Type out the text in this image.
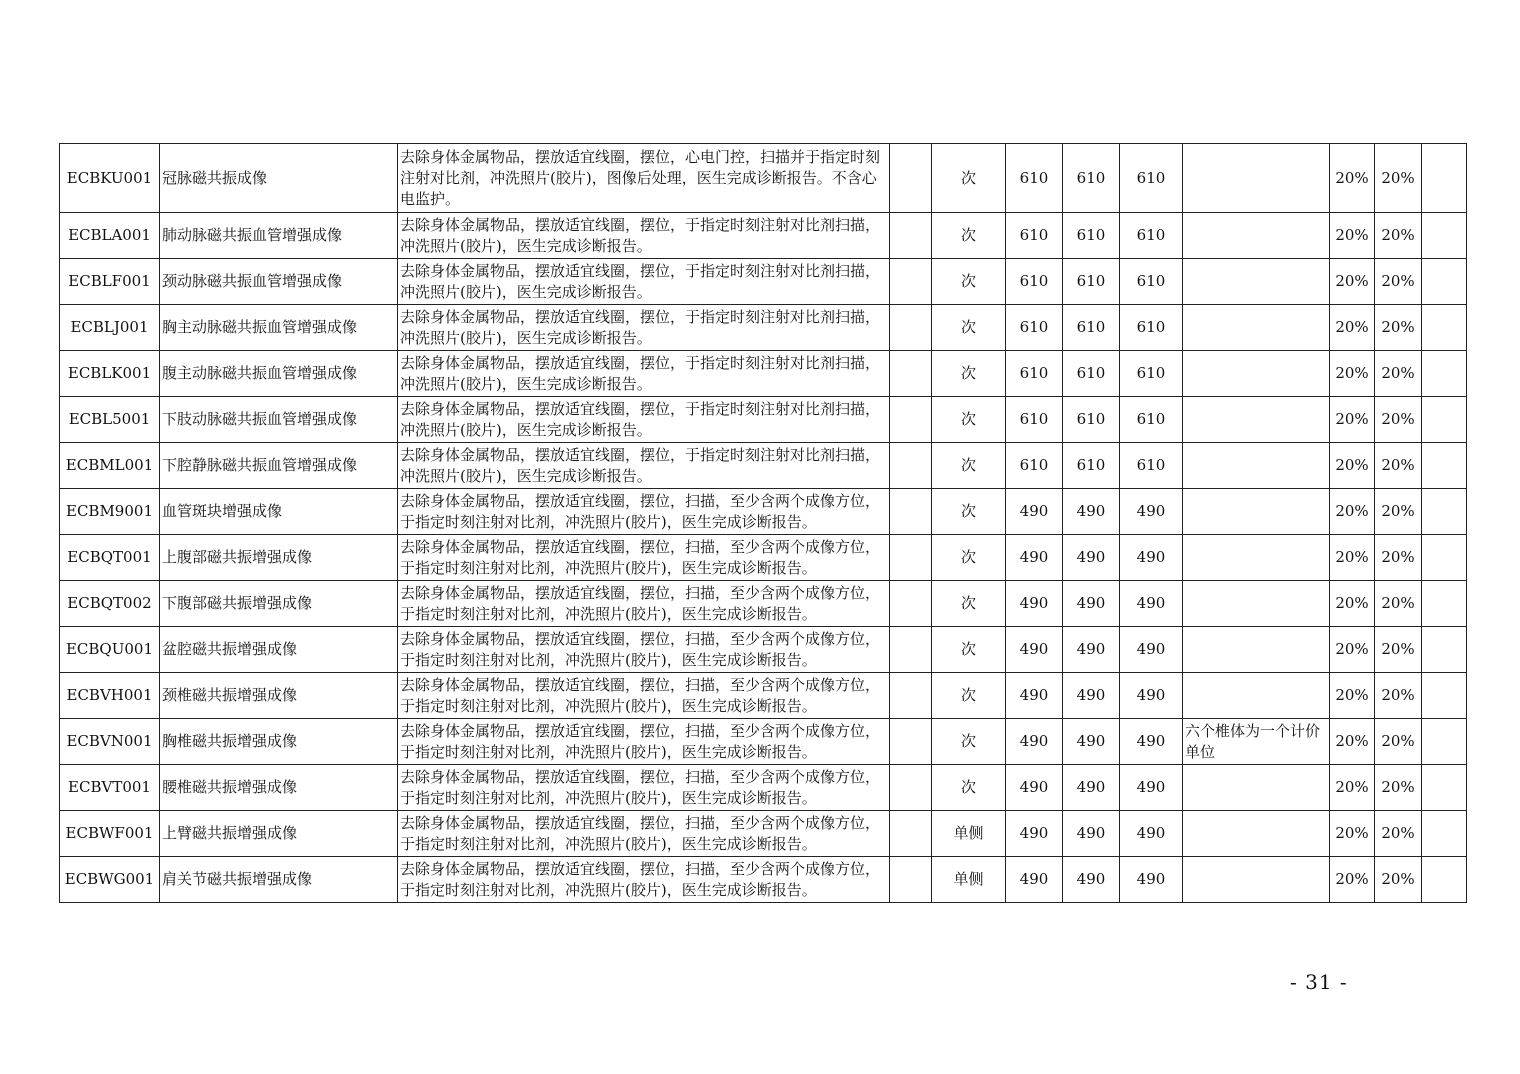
ECBKU001	冠脉磁共振成像	去除身体金属物品，摆放适宜线圈，摆位，心电门控，扫描并于指定时刻注射对比剂，冲洗照片(胶片)，图像后处理，医生完成诊断报告。不含心电监护。		次	610	610	610		20%	20%	
ECBLA001	肺动脉磁共振血管增强成像	去除身体金属物品，摆放适宜线圈，摆位，于指定时刻注射对比剂扫描，冲洗照片(胶片)，医生完成诊断报告。		次	610	610	610		20%	20%	
ECBLF001	颈动脉磁共振血管增强成像	去除身体金属物品，摆放适宜线圈，摆位，于指定时刻注射对比剂扫描，冲洗照片(胶片)，医生完成诊断报告。		次	610	610	610		20%	20%	
ECBLJ001	胸主动脉磁共振血管增强成像	去除身体金属物品，摆放适宜线圈，摆位，于指定时刻注射对比剂扫描，冲洗照片(胶片)，医生完成诊断报告。		次	610	610	610		20%	20%	
ECBLK001	腹主动脉磁共振血管增强成像	去除身体金属物品，摆放适宜线圈，摆位，于指定时刻注射对比剂扫描，冲洗照片(胶片)，医生完成诊断报告。		次	610	610	610		20%	20%	
ECBL5001	下肢动脉磁共振血管增强成像	去除身体金属物品，摆放适宜线圈，摆位，于指定时刻注射对比剂扫描，冲洗照片(胶片)，医生完成诊断报告。		次	610	610	610		20%	20%	
ECBML001	下腔静脉磁共振血管增强成像	去除身体金属物品，摆放适宜线圈，摆位，于指定时刻注射对比剂扫描，冲洗照片(胶片)，医生完成诊断报告。		次	610	610	610		20%	20%	
ECBM9001	血管斑块增强成像	去除身体金属物品，摆放适宜线圈，摆位，扫描，至少含两个成像方位，于指定时刻注射对比剂，冲洗照片(胶片)，医生完成诊断报告。		次	490	490	490		20%	20%	
ECBQT001	上腹部磁共振增强成像	去除身体金属物品，摆放适宜线圈，摆位，扫描，至少含两个成像方位，于指定时刻注射对比剂，冲洗照片(胶片)，医生完成诊断报告。		次	490	490	490		20%	20%	
ECBQT002	下腹部磁共振增强成像	去除身体金属物品，摆放适宜线圈，摆位，扫描，至少含两个成像方位，于指定时刻注射对比剂，冲洗照片(胶片)，医生完成诊断报告。		次	490	490	490		20%	20%	
ECBQU001	盆腔磁共振增强成像	去除身体金属物品，摆放适宜线圈，摆位，扫描，至少含两个成像方位，于指定时刻注射对比剂，冲洗照片(胶片)，医生完成诊断报告。		次	490	490	490		20%	20%	
ECBVH001	颈椎磁共振增强成像	去除身体金属物品，摆放适宜线圈，摆位，扫描，至少含两个成像方位，于指定时刻注射对比剂，冲洗照片(胶片)，医生完成诊断报告。		次	490	490	490		20%	20%	
ECBVN001	胸椎磁共振增强成像	去除身体金属物品，摆放适宜线圈，摆位，扫描，至少含两个成像方位，于指定时刻注射对比剂，冲洗照片(胶片)，医生完成诊断报告。		次	490	490	490	六个椎体为一个计价单位	20%	20%	
ECBVT001	腰椎磁共振增强成像	去除身体金属物品，摆放适宜线圈，摆位，扫描，至少含两个成像方位，于指定时刻注射对比剂，冲洗照片(胶片)，医生完成诊断报告。		次	490	490	490		20%	20%	
ECBWF001	上臂磁共振增强成像	去除身体金属物品，摆放适宜线圈，摆位，扫描，至少含两个成像方位，于指定时刻注射对比剂，冲洗照片(胶片)，医生完成诊断报告。		单侧	490	490	490		20%	20%	
ECBWG001	肩关节磁共振增强成像	去除身体金属物品，摆放适宜线圈，摆位，扫描，至少含两个成像方位，于指定时刻注射对比剂，冲洗照片(胶片)，医生完成诊断报告。		单侧	490	490	490		20%	20%	
- 31 -
